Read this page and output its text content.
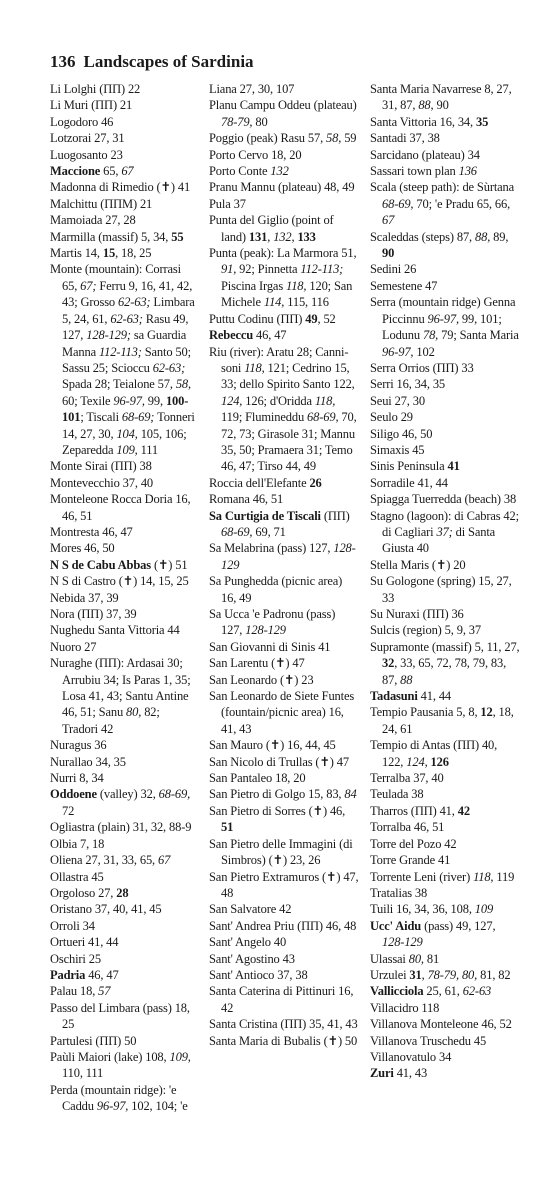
136 Landscapes of Sardinia

Li Lolghi (ΠΠ) 22

Li Muri (ΠΠ) 21

Logodoro 46

Lotzorai 27, 31

Luogosanto 23

Maccione 65, 67

Madonna di Rimedio (✝) 41

Malchittu (ΠΠM) 21

Mamoiada 27, 28

Marmilla (massif) 5, 34, 55

Martis 14, 15, 18, 25

Monte (mountain): Corrasi 65, 67; Ferru 9, 16, 41, 42, 43; Grosso 62-63; Limbara 5, 24, 61, 62-63; Rasu 49, 127, 128-129; sa Guardia Manna 112-113; Santo 50; Sassu 25; Scioccu 62-63; Spada 28; Teialone 57, 58, 60; Texile 96-97, 99, 100-101; Tiscali 68-69; Tonneri 14, 27, 30, 104, 105, 106; Zeparedda 109, 111

Monte Sirai (ΠΠ) 38

Montevecchio 37, 40

Monteleone Rocca Doria 16, 46, 51

Montresta 46, 47

Mores 46, 50

N S de Cabu Abbas (✝) 51

N S di Castro (✝) 14, 15, 25

Nebida 37, 39

Nora (ΠΠ) 37, 39

Nughedu Santa Vittoria 44

Nuoro 27

Nuraghe (ΠΠ): Ardasai 30; Arrubiu 34; Is Paras 1, 35; Losa 41, 43; Santu Antine 46, 51; Sanu 80, 82; Tradori 42

Nuragus 36

Nurallao 34, 35

Nurri 8, 34

Oddoene (valley) 32, 68-69, 72

Ogliastra (plain) 31, 32, 88-9

Olbia 7, 18

Oliena 27, 31, 33, 65, 67

Ollastra 45

Orgoloso 27, 28

Oristano 37, 40, 41, 45

Orroli 34

Ortueri 41, 44

Oschiri 25

Padria 46, 47

Palau 18, 57

Passo del Limbara (pass) 18, 25

Partulesi (ΠΠ) 50

Paùli Maiori (lake) 108, 109, 110, 111

Perda (mountain ridge): 'e Caddu 96-97, 102, 104; 'e

Liana 27, 30, 107

Planu Campu Oddeu (plateau) 78-79, 80

Poggio (peak) Rasu 57, 58, 59

Porto Cervo 18, 20

Porto Conte 132

Pranu Mannu (plateau) 48, 49

Pula 37

Punta del Giglio (point of land) 131, 132, 133

Punta (peak): La Marmora 51, 91, 92; Pinnetta 112-113; Piscina Irgas 118, 120; San Michele 114, 115, 116

Puttu Codinu (ΠΠ) 49, 52

Rebeccu 46, 47

Riu (river): Aratu 28; Cannisoni 118, 121; Cedrino 15, 33; dello Spirito Santo 122, 124, 126; d'Oridda 118, 119; Flumineddu 68-69, 70, 72, 73; Girasole 31; Mannu 35, 50; Pramaera 31; Temo 46, 47; Tirso 44, 49

Roccia dell'Elefante 26

Romana 46, 51

Sa Curtigia de Tiscali (ΠΠ) 68-69, 69, 71

Sa Melabrina (pass) 127, 128-129

Sa Punghedda (picnic area) 16, 49

Sa Ucca 'e Padronu (pass) 127, 128-129

San Giovanni di Sinis 41

San Larentu (✝) 47

San Leonardo (✝) 23

San Leonardo de Siete Funtes (fountain/picnic area) 16, 41, 43

San Mauro (✝) 16, 44, 45

San Nicolo di Trullas (✝) 47

San Pantaleo 18, 20

San Pietro di Golgo 15, 83, 84

San Pietro di Sorres (✝) 46, 51

San Pietro delle Immagini (di Simbros) (✝) 23, 26

San Pietro Extramuros (✝) 47, 48

San Salvatore 42

Sant' Andrea Priu (ΠΠ) 46, 48

Sant' Angelo 40

Sant' Agostino 43

Sant' Antioco 37, 38

Santa Caterina di Pittinuri 16, 42

Santa Cristina (ΠΠ) 35, 41, 43

Santa Maria di Bubalis (✝) 50

Santa Maria Navarrese 8, 27, 31, 87, 88, 90

Santa Vittoria 16, 34, 35

Santadi 37, 38

Sarcidano (plateau) 34

Sassari town plan 136

Scala (steep path): de Sùrtana 68-69, 70; 'e Pradu 65, 66, 67

Scaleddas (steps) 87, 88, 89, 90

Sedini 26

Semestene 47

Serra (mountain ridge) Genna Piccinnu 96-97, 99, 101; Lodunu 78, 79; Santa Maria 96-97, 102

Serra Orrios (ΠΠ) 33

Serri 16, 34, 35

Seui 27, 30

Seulo 29

Siligo 46, 50

Simaxis 45

Sinis Peninsula 41

Sorradile 41, 44

Spiagga Tuerredda (beach) 38

Stagno (lagoon): di Cabras 42; di Cagliari 37; di Santa Giusta 40

Stella Maris (✝) 20

Su Gologone (spring) 15, 27, 33

Su Nuraxi (ΠΠ) 36

Sulcis (region) 5, 9, 37

Supramonte (massif) 5, 11, 27, 32, 33, 65, 72, 78, 79, 83, 87, 88

Tadasuni 41, 44

Tempio Pausania 5, 8, 12, 18, 24, 61

Tempio di Antas (ΠΠ) 40, 122, 124, 126

Terralba 37, 40

Teulada 38

Tharros (ΠΠ) 41, 42

Torralba 46, 51

Torre del Pozo 42

Torre Grande 41

Torrente Leni (river) 118, 119

Tratalias 38

Tuili 16, 34, 36, 108, 109

Ucc' Aidu (pass) 49, 127, 128-129

Ulassai 80, 81

Urzulei 31, 78-79, 80, 81, 82

Vallicciola 25, 61, 62-63

Villacidro 118

Villanova Monteleone 46, 52

Villanova Truschedu 45

Villanovatulo 34

Zuri 41, 43
